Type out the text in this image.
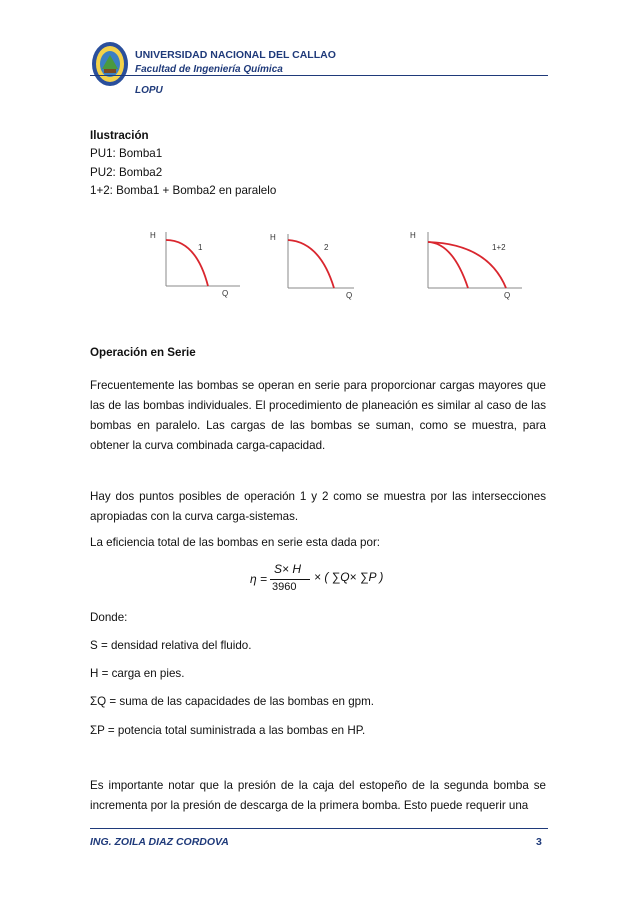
UNIVERSIDAD NACIONAL DEL CALLAO
Facultad de Ingeniería Química
LOPU
Ilustración
PU1: Bomba1
PU2: Bomba2
1+2: Bomba1 + Bomba2 en paralelo
H
Q
1
H
Q
2
H
Q
1+2
Operación en Serie
Frecuentemente las bombas se operan en serie para proporcionar cargas mayores que las de las bombas individuales. El procedimiento de planeación es similar al caso de las bombas en paralelo. Las cargas de las bombas se suman, como se muestra, para obtener la curva combinada carga-capacidad.
Hay dos puntos posibles de operación 1 y 2 como se muestra por las intersecciones apropiadas con la curva carga-sistemas.
La eficiencia total de las bombas en serie esta dada por:
η =
S× H
3960
× ( ∑Q× ∑P )
Donde:
S = densidad relativa del fluido.
H = carga en pies.
ΣQ = suma de las capacidades de las bombas en gpm.
ΣP = potencia total suministrada a las bombas en HP.
Es importante notar que la presión de la caja del estopeño de la segunda bomba se incrementa por la presión de descarga de la primera bomba. Esto puede requerir una
ING. ZOILA DIAZ CORDOVA	3
